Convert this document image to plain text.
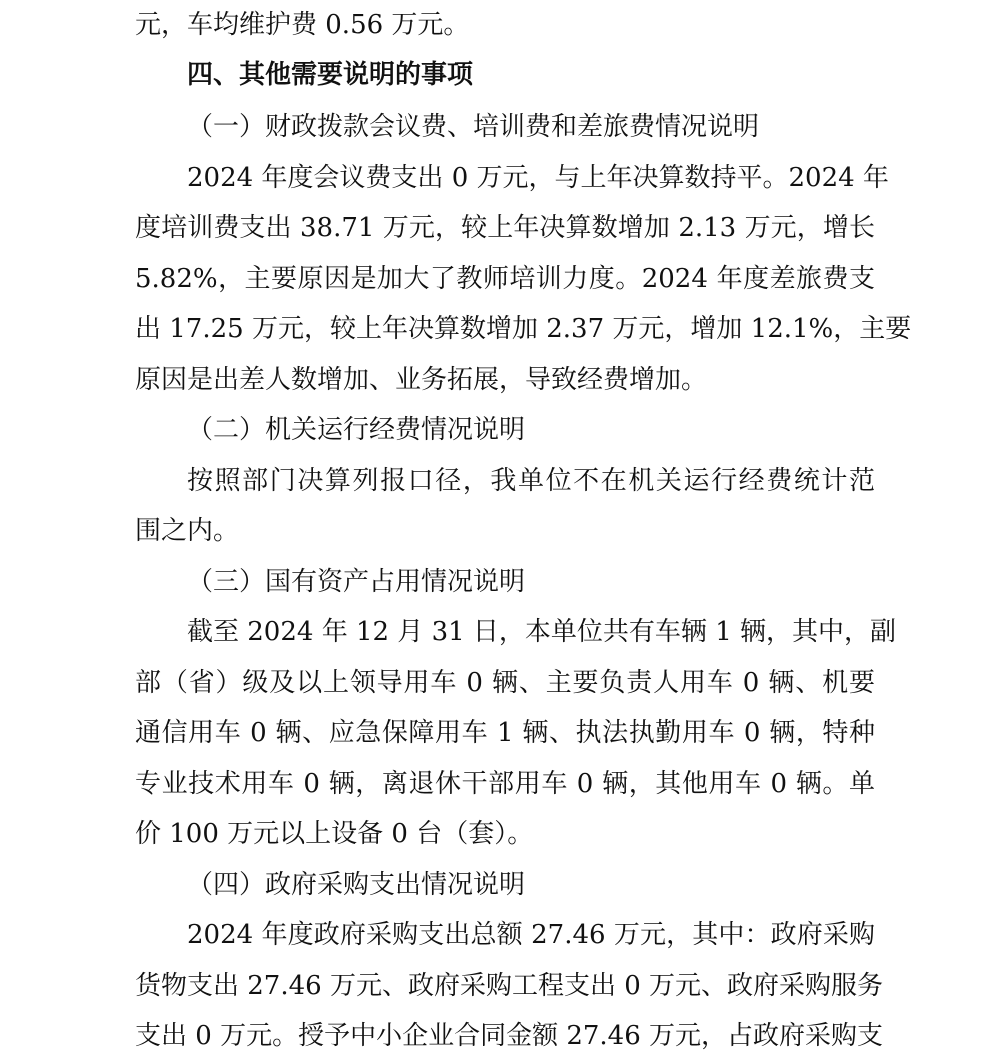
元，车均维护费 0.56 万元。
四、其他需要说明的事项
（一）财政拨款会议费、培训费和差旅费情况说明
2024 年度会议费支出 0 万元，与上年决算数持平。2024 年
度培训费支出 38.71 万元，较上年决算数增加 2.13 万元，增长
5.82%，主要原因是加大了教师培训力度。2024 年度差旅费支
出 17.25 万元，较上年决算数增加 2.37 万元，增加 12.1%，主要
原因是出差人数增加、业务拓展，导致经费增加。
（二）机关运行经费情况说明
按照部门决算列报口径，我单位不在机关运行经费统计范
围之内。
（三）国有资产占用情况说明
截至 2024 年 12 月 31 日，本单位共有车辆 1 辆，其中，副
部（省）级及以上领导用车 0 辆、主要负责人用车 0 辆、机要
通信用车 0 辆、应急保障用车 1 辆、执法执勤用车 0 辆，特种
专业技术用车 0 辆，离退休干部用车 0 辆，其他用车 0 辆。单
价 100 万元以上设备 0 台（套）。
（四）政府采购支出情况说明
2024 年度政府采购支出总额 27.46 万元，其中：政府采购
货物支出 27.46 万元、政府采购工程支出 0 万元、政府采购服务
支出 0 万元。授予中小企业合同金额 27.46 万元，占政府采购支
